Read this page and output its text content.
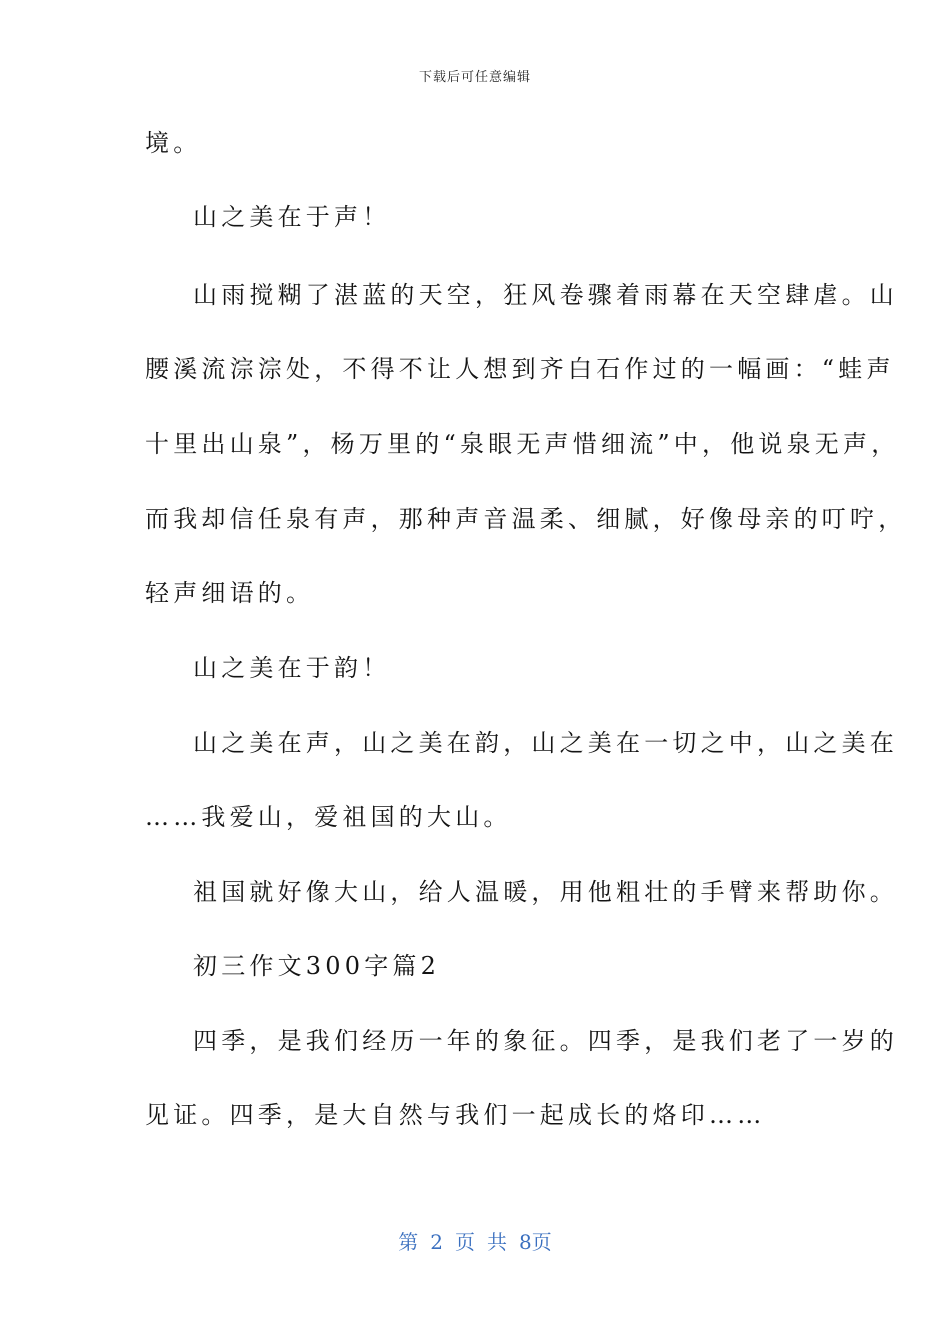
下载后可任意编辑
境。
山之美在于声！
山雨搅糊了湛蓝的天空，狂风卷骤着雨幕在天空肆虐。山
腰溪流淙淙处，不得不让人想到齐白石作过的一幅画：“蛙声
十里出山泉”，杨万里的“泉眼无声惜细流”中，他说泉无声，
而我却信任泉有声，那种声音温柔、细腻，好像母亲的叮咛，
轻声细语的。
山之美在于韵！
山之美在声，山之美在韵，山之美在一切之中，山之美在
……我爱山，爱祖国的大山。
祖国就好像大山，给人温暖，用他粗壮的手臂来帮助你。
初三作文300字篇2
四季，是我们经历一年的象征。四季，是我们老了一岁的
见证。四季，是大自然与我们一起成长的烙印……
第 2 页 共 8页
